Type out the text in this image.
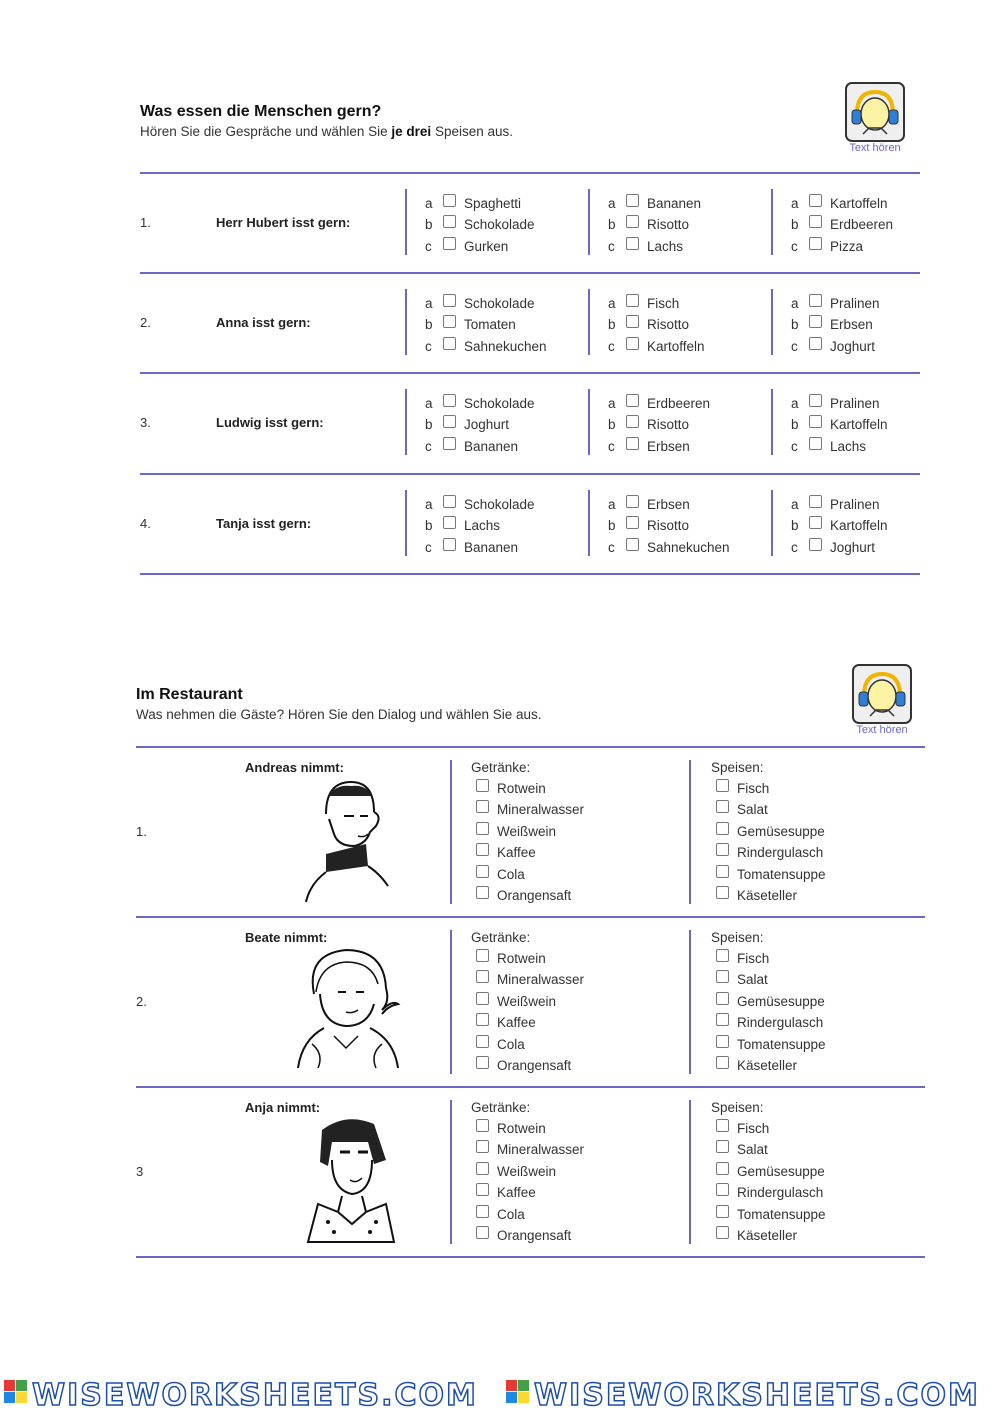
Was essen die Menschen gern?
Hören Sie die Gespräche und wählen Sie je drei Speisen aus.
Text hören
1.	Herr Hubert isst gern:
a	Spaghetti
b	Schokolade
c	Gurken
a	Bananen
b	Risotto
c	Lachs
a	Kartoffeln
b	Erdbeeren
c	Pizza
2.	Anna isst gern:
a	Schokolade
b	Tomaten
c	Sahnekuchen
a	Fisch
b	Risotto
c	Kartoffeln
a	Pralinen
b	Erbsen
c	Joghurt
3.	Ludwig isst gern:
a	Schokolade
b	Joghurt
c	Bananen
a	Erdbeeren
b	Risotto
c	Erbsen
a	Pralinen
b	Kartoffeln
c	Lachs
4.	Tanja isst gern:
a	Schokolade
b	Lachs
c	Bananen
a	Erbsen
b	Risotto
c	Sahnekuchen
a	Pralinen
b	Kartoffeln
c	Joghurt
Im Restaurant
Was nehmen die Gäste? Hören Sie den Dialog und wählen Sie aus.
Text hören
1.
Andreas nimmt:	Getränke:	Speisen:
Rotwein
Mineralwasser
Weißwein
Kaffee
Cola
Orangensaft
Fisch
Salat
Gemüsesuppe
Rindergulasch
Tomatensuppe
Käseteller
2.
Beate nimmt:	Getränke:	Speisen:
Rotwein
Mineralwasser
Weißwein
Kaffee
Cola
Orangensaft
Fisch
Salat
Gemüsesuppe
Rindergulasch
Tomatensuppe
Käseteller
3
Anja nimmt:	Getränke:	Speisen:
Rotwein
Mineralwasser
Weißwein
Kaffee
Cola
Orangensaft
Fisch
Salat
Gemüsesuppe
Rindergulasch
Tomatensuppe
Käseteller
WISEWORKSHEETS.COM WISEWORKSHEETS.COM
